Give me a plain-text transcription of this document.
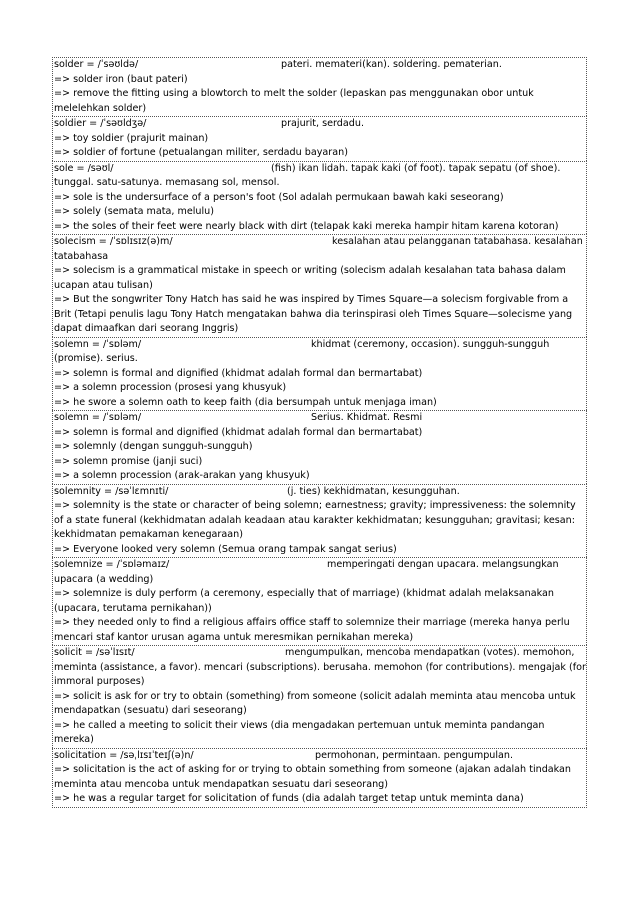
solder = /ˈsəʊldə/	pateri. memateri(kan). soldering. pematerian.
=> solder iron (baut pateri)
=> remove the fitting using a blowtorch to melt the solder (lepaskan pas menggunakan obor untuk melelehkan solder)
soldier = /ˈsəʊldʒə/	prajurit, serdadu.
=> toy soldier (prajurit mainan)
=> soldier of fortune (petualangan militer, serdadu bayaran)
sole = /səʊl/	(fish) ikan lidah. tapak kaki (of foot). tapak sepatu (of shoe). tunggal. satu-satunya. memasang sol, mensol.
=> sole is the undersurface of a person's foot (Sol adalah permukaan bawah kaki seseorang)
=> solely (semata mata, melulu)
=> the soles of their feet were nearly black with dirt (telapak kaki mereka hampir hitam karena kotoran)
solecism = /ˈsɒlɪsɪz(ə)m/	kesalahan atau pelangganan tatabahasa. kesalahan tatabahasa
=> solecism is a grammatical mistake in speech or writing (solecism adalah kesalahan tata bahasa dalam ucapan atau tulisan)
=> But the songwriter Tony Hatch has said he was inspired by Times Square—a solecism forgivable from a Brit (Tetapi penulis lagu Tony Hatch mengatakan bahwa dia terinspirasi oleh Times Square—solecisme yang dapat dimaafkan dari seorang Inggris)
solemn = /ˈsɒləm/	khidmat (ceremony, occasion). sungguh-sungguh (promise). serius.
=> solemn is formal and dignified (khidmat adalah formal dan bermartabat)
=> a solemn procession (prosesi yang khusyuk)
=> he swore a solemn oath to keep faith (dia bersumpah untuk menjaga iman)
solemn = /ˈsɒləm/	Serius. Khidmat. Resmi
=> solemn is formal and dignified (khidmat adalah formal dan bermartabat)
=> solemnly (dengan sungguh-sungguh)
=> solemn promise (janji suci)
=> a solemn procession (arak-arakan yang khusyuk)
solemnity = /səˈlɛmnɪti/	(j. ties) kekhidmatan, kesungguhan.
=> solemnity is the state or character of being solemn; earnestness; gravity; impressiveness: the solemnity of a state funeral (kekhidmatan adalah keadaan atau karakter kekhidmatan; kesungguhan; gravitasi; kesan: kekhidmatan pemakaman kenegaraan)
=> Everyone looked very solemn (Semua orang tampak sangat serius)
solemnize = /ˈsɒləmaɪz/	memperingati dengan upacara. melangsungkan upacara (a wedding)
=> solemnize is duly perform (a ceremony, especially that of marriage) (khidmat adalah melaksanakan (upacara, terutama pernikahan))
=> they needed only to find a religious affairs office staff to solemnize their marriage (mereka hanya perlu mencari staf kantor urusan agama untuk meresmikan pernikahan mereka)
solicit = /səˈlɪsɪt/	mengumpulkan, mencoba mendapatkan (votes). memohon, meminta (assistance, a favor). mencari (subscriptions). berusaha. memohon (for contributions). mengajak (for immoral purposes)
=> solicit is ask for or try to obtain (something) from someone (solicit adalah meminta atau mencoba untuk mendapatkan (sesuatu) dari seseorang)
=> he called a meeting to solicit their views (dia mengadakan pertemuan untuk meminta pandangan mereka)
solicitation = /səˌlɪsɪˈteɪʃ(ə)n/	permohonan, permintaan. pengumpulan.
=> solicitation is the act of asking for or trying to obtain something from someone (ajakan adalah tindakan meminta atau mencoba untuk mendapatkan sesuatu dari seseorang)
=> he was a regular target for solicitation of funds (dia adalah target tetap untuk meminta dana)
